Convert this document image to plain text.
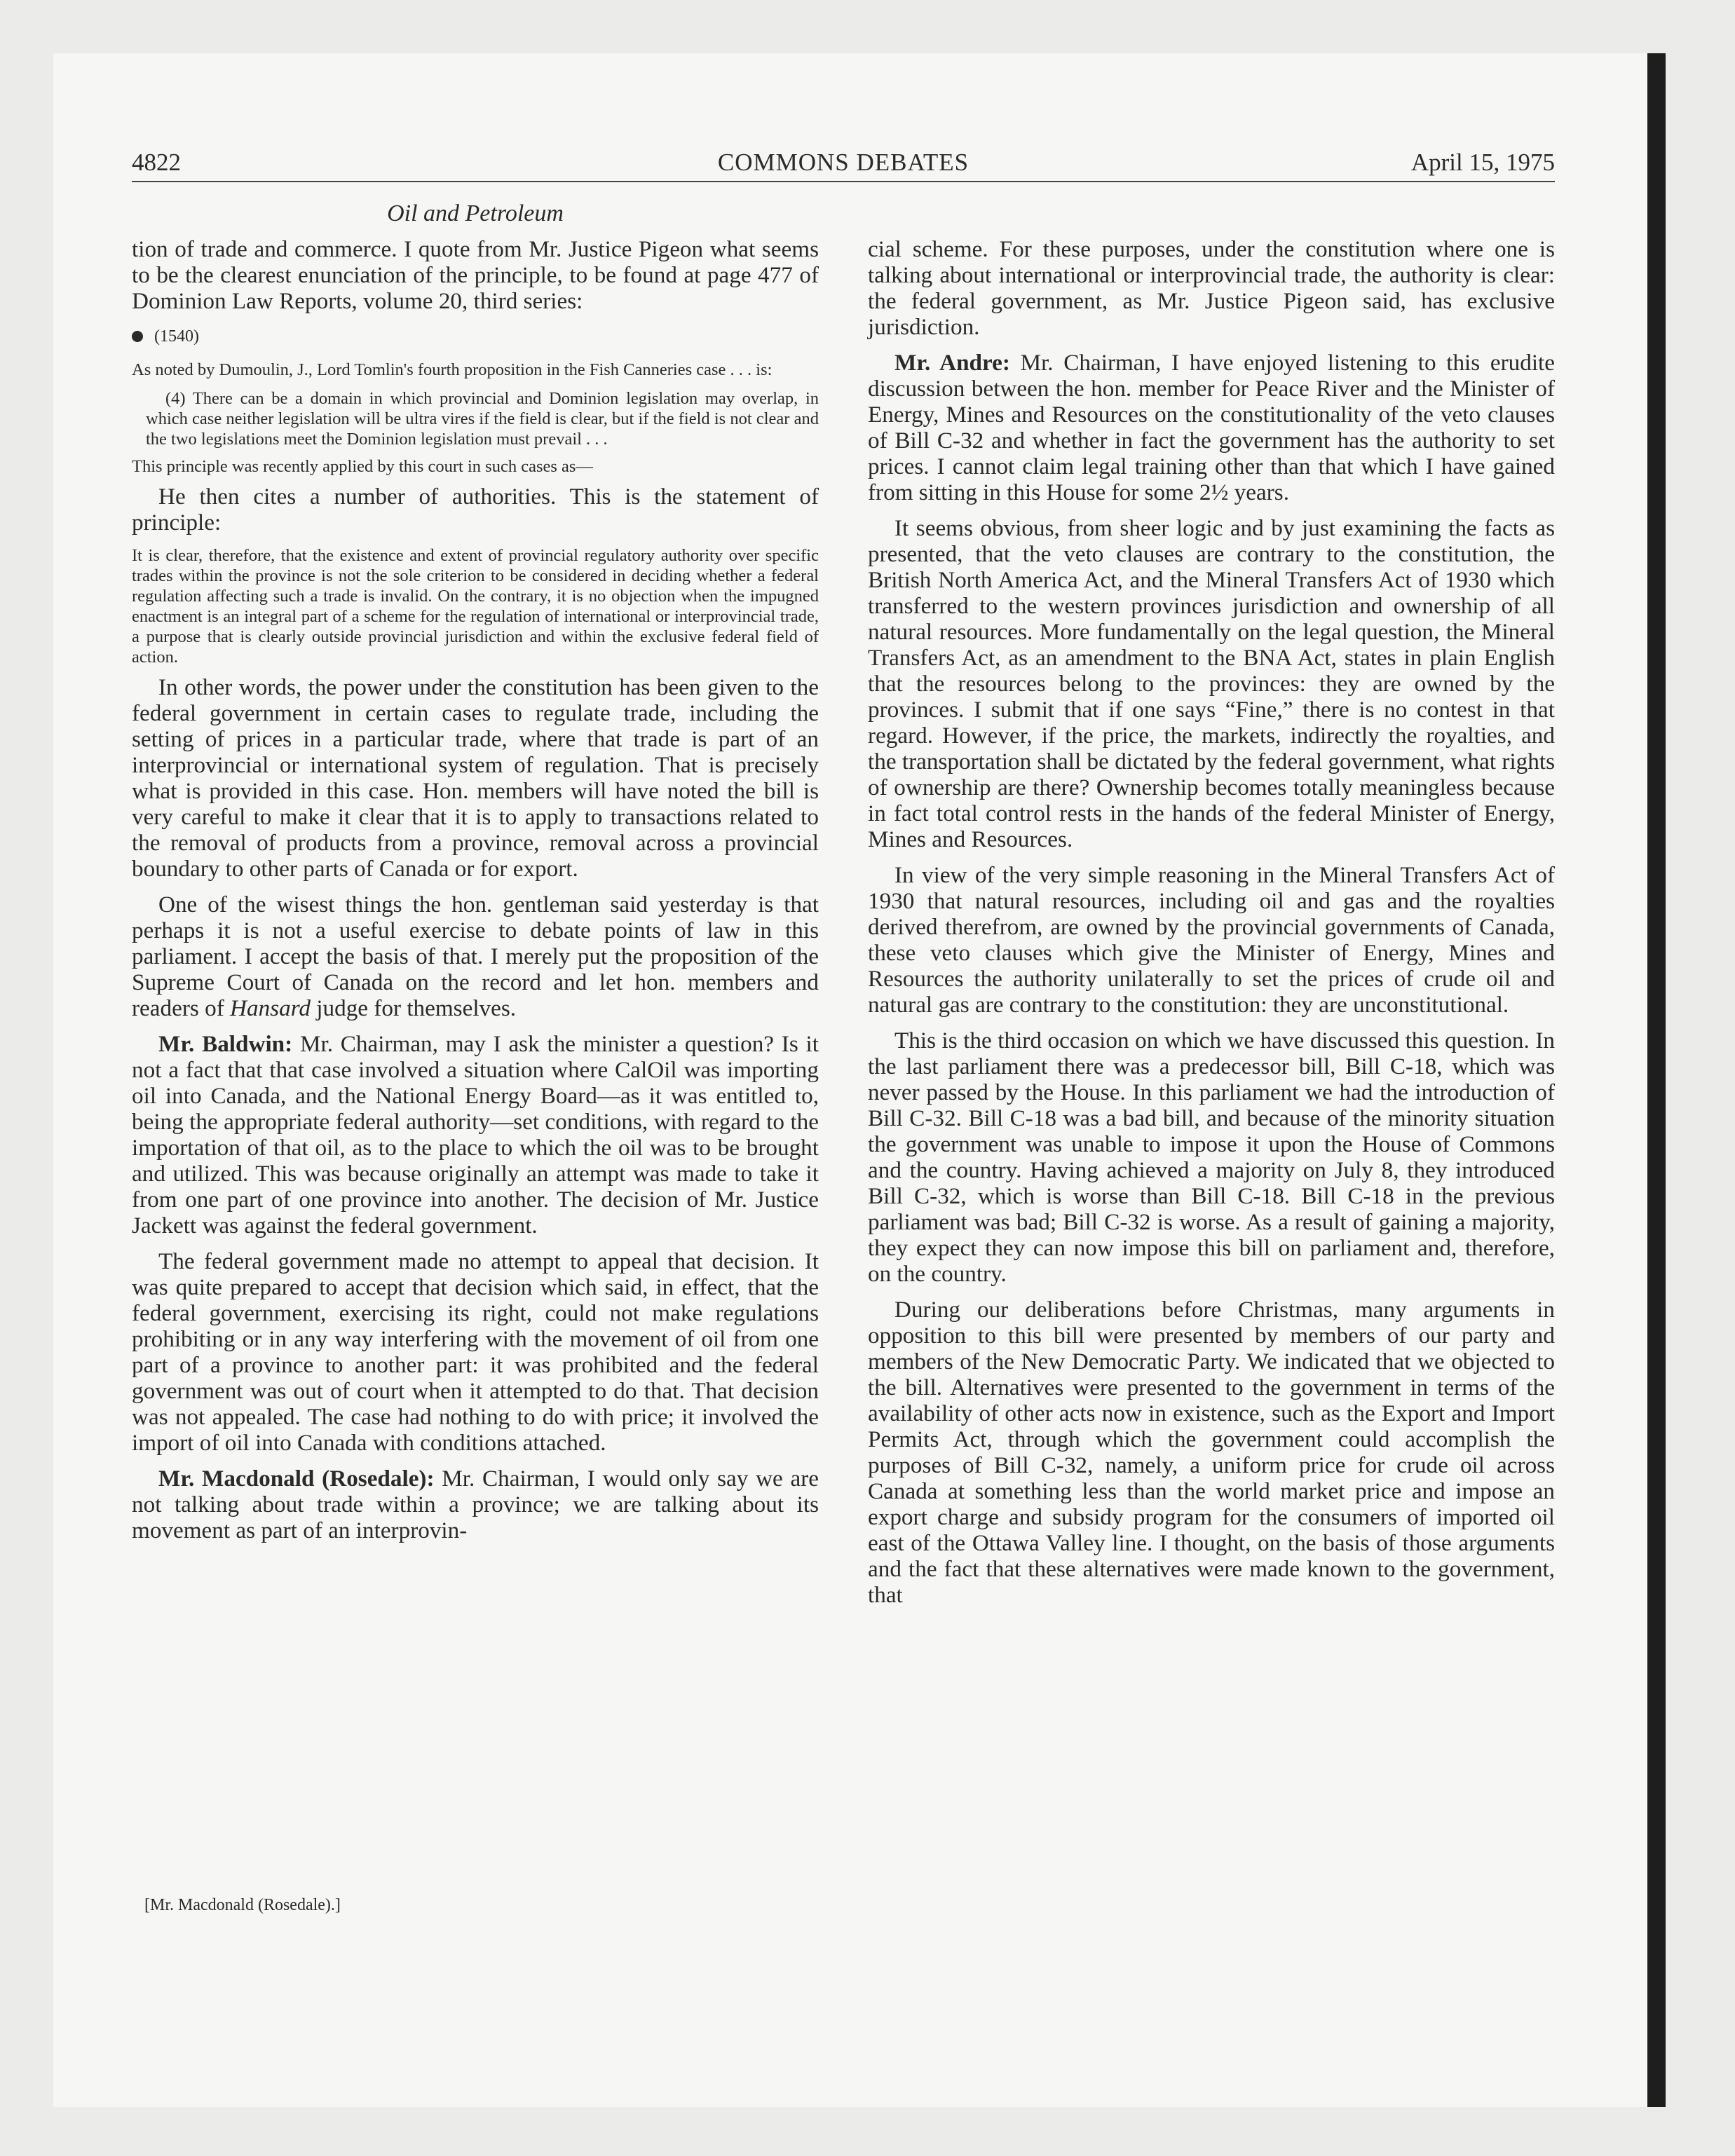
4822	COMMONS DEBATES	April 15, 1975
Oil and Petroleum

tion of trade and commerce. I quote from Mr. Justice Pigeon what seems to be the clearest enunciation of the principle, to be found at page 477 of Dominion Law Reports, volume 20, third series:

(1540)

As noted by Dumoulin, J., Lord Tomlin's fourth proposition in the Fish Canneries case . . . is:

(4) There can be a domain in which provincial and Dominion legislation may overlap, in which case neither legislation will be ultra vires if the field is clear, but if the field is not clear and the two legislations meet the Dominion legislation must prevail . . .

This principle was recently applied by this court in such cases as—

He then cites a number of authorities. This is the statement of principle:

It is clear, therefore, that the existence and extent of provincial regulatory authority over specific trades within the province is not the sole criterion to be considered in deciding whether a federal regulation affecting such a trade is invalid. On the contrary, it is no objection when the impugned enactment is an integral part of a scheme for the regulation of international or interprovincial trade, a purpose that is clearly outside provincial jurisdiction and within the exclusive federal field of action.

In other words, the power under the constitution has been given to the federal government in certain cases to regulate trade, including the setting of prices in a particular trade, where that trade is part of an interprovincial or international system of regulation. That is precisely what is provided in this case. Hon. members will have noted the bill is very careful to make it clear that it is to apply to transactions related to the removal of products from a province, removal across a provincial boundary to other parts of Canada or for export.

One of the wisest things the hon. gentleman said yesterday is that perhaps it is not a useful exercise to debate points of law in this parliament. I accept the basis of that. I merely put the proposition of the Supreme Court of Canada on the record and let hon. members and readers of Hansard judge for themselves.

Mr. Baldwin: Mr. Chairman, may I ask the minister a question? Is it not a fact that that case involved a situation where CalOil was importing oil into Canada, and the National Energy Board—as it was entitled to, being the appropriate federal authority—set conditions, with regard to the importation of that oil, as to the place to which the oil was to be brought and utilized. This was because originally an attempt was made to take it from one part of one province into another. The decision of Mr. Justice Jackett was against the federal government.

The federal government made no attempt to appeal that decision. It was quite prepared to accept that decision which said, in effect, that the federal government, exercising its right, could not make regulations prohibiting or in any way interfering with the movement of oil from one part of a province to another part: it was prohibited and the federal government was out of court when it attempted to do that. That decision was not appealed. The case had nothing to do with price; it involved the import of oil into Canada with conditions attached.

Mr. Macdonald (Rosedale): Mr. Chairman, I would only say we are not talking about trade within a province; we are talking about its movement as part of an interprovin-

[Mr. Macdonald (Rosedale).]

cial scheme. For these purposes, under the constitution where one is talking about international or interprovincial trade, the authority is clear: the federal government, as Mr. Justice Pigeon said, has exclusive jurisdiction.

Mr. Andre: Mr. Chairman, I have enjoyed listening to this erudite discussion between the hon. member for Peace River and the Minister of Energy, Mines and Resources on the constitutionality of the veto clauses of Bill C-32 and whether in fact the government has the authority to set prices. I cannot claim legal training other than that which I have gained from sitting in this House for some 2½ years.

It seems obvious, from sheer logic and by just examining the facts as presented, that the veto clauses are contrary to the constitution, the British North America Act, and the Mineral Transfers Act of 1930 which transferred to the western provinces jurisdiction and ownership of all natural resources. More fundamentally on the legal question, the Mineral Transfers Act, as an amendment to the BNA Act, states in plain English that the resources belong to the provinces: they are owned by the provinces. I submit that if one says “Fine,” there is no contest in that regard. However, if the price, the markets, indirectly the royalties, and the transportation shall be dictated by the federal government, what rights of ownership are there? Ownership becomes totally meaningless because in fact total control rests in the hands of the federal Minister of Energy, Mines and Resources.

In view of the very simple reasoning in the Mineral Transfers Act of 1930 that natural resources, including oil and gas and the royalties derived therefrom, are owned by the provincial governments of Canada, these veto clauses which give the Minister of Energy, Mines and Resources the authority unilaterally to set the prices of crude oil and natural gas are contrary to the constitution: they are unconstitutional.

This is the third occasion on which we have discussed this question. In the last parliament there was a predecessor bill, Bill C-18, which was never passed by the House. In this parliament we had the introduction of Bill C-32. Bill C-18 was a bad bill, and because of the minority situation the government was unable to impose it upon the House of Commons and the country. Having achieved a majority on July 8, they introduced Bill C-32, which is worse than Bill C-18. Bill C-18 in the previous parliament was bad; Bill C-32 is worse. As a result of gaining a majority, they expect they can now impose this bill on parliament and, therefore, on the country.

During our deliberations before Christmas, many arguments in opposition to this bill were presented by members of our party and members of the New Democratic Party. We indicated that we objected to the bill. Alternatives were presented to the government in terms of the availability of other acts now in existence, such as the Export and Import Permits Act, through which the government could accomplish the purposes of Bill C-32, namely, a uniform price for crude oil across Canada at something less than the world market price and impose an export charge and subsidy program for the consumers of imported oil east of the Ottawa Valley line. I thought, on the basis of those arguments and the fact that these alternatives were made known to the government, that
